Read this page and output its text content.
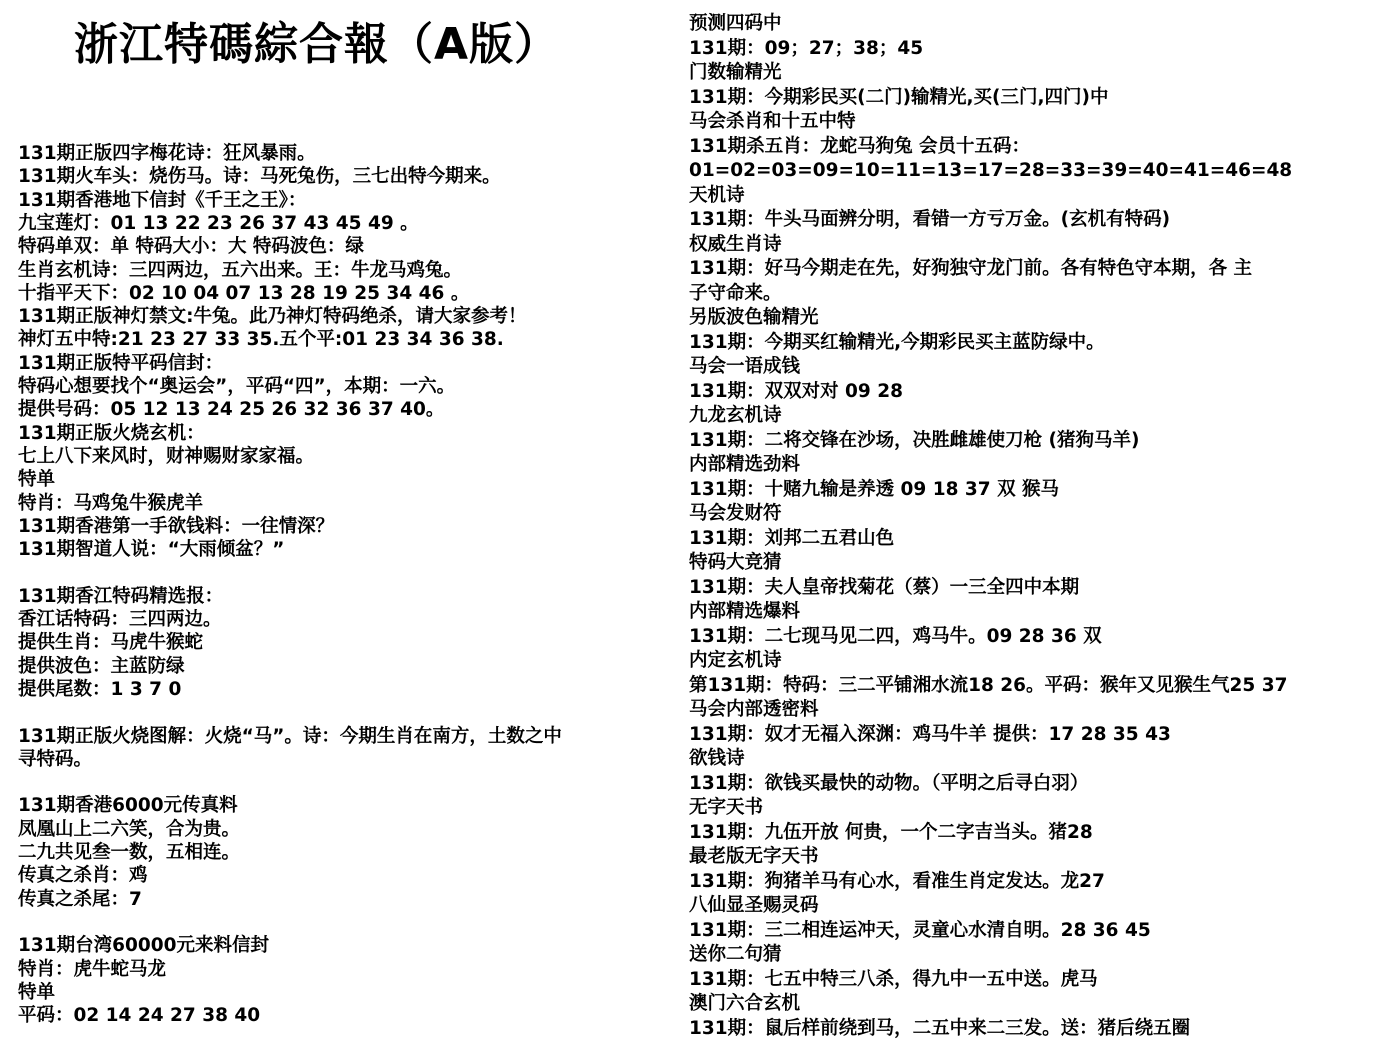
浙江特碼綜合報（A版）
131期正版四字梅花诗：狂风暴雨。
131期火车头：烧伤马。诗：马死兔伤，三七出特今期来。
131期香港地下信封《千王之王》：
九宝莲灯：01 13 22 23 26 37 43 45 49 。
特码单双：单 特码大小：大 特码波色：绿
生肖玄机诗：三四两边，五六出来。王：牛龙马鸡兔。
十指平天下：02 10 04 07 13 28 19 25 34 46 。
131期正版神灯禁文:牛兔。此乃神灯特码绝杀，请大家参考！
神灯五中特:21 23 27 33 35.五个平:01 23 34 36 38.
131期正版特平码信封：
特码心想要找个“奥运会”，平码“四”，本期：一六。
提供号码：05 12 13 24 25 26 32 36 37 40。
131期正版火烧玄机：
七上八下来风时，财神赐财家家福。
特单
特肖：马鸡兔牛猴虎羊
131期香港第一手欲钱料：一往情深？
131期智道人说：“大雨倾盆？”
131期香江特码精选报：
香江话特码：三四两边。
提供生肖：马虎牛猴蛇
提供波色：主蓝防绿
提供尾数：1 3 7 0
131期正版火烧图解：火烧“马”。诗：今期生肖在南方，土数之中
寻特码。
131期香港6000元传真料
凤凰山上二六笑，合为贵。
二九共见叁一数，五相连。
传真之杀肖：鸡
传真之杀尾：7
131期台湾60000元来料信封
特肖：虎牛蛇马龙
特单
平码：02 14 24 27 38 40
预测四码中
131期：09；27；38；45
门数输精光
131期：今期彩民买(二门)输精光,买(三门,四门)中
马会杀肖和十五中特
131期杀五肖：龙蛇马狗兔 会员十五码：
01=02=03=09=10=11=13=17=28=33=39=40=41=46=48
天机诗
131期：牛头马面辨分明，看错一方亏万金。(玄机有特码)
权威生肖诗
131期：好马今期走在先，好狗独守龙门前。各有特色守本期，各 主
子守命来。
另版波色输精光
131期：今期买红输精光,今期彩民买主蓝防绿中。
马会一语成钱
131期：双双对对 09 28
九龙玄机诗
131期：二将交锋在沙场，决胜雌雄使刀枪 (猪狗马羊)
内部精选劲料
131期：十赌九输是养透 09 18 37 双 猴马
马会发财符
131期：刘邦二五君山色
特码大竞猜
131期：夫人皇帝找菊花（蔡）一三全四中本期
内部精选爆料
131期：二七现马见二四，鸡马牛。09 28 36 双
内定玄机诗
第131期：特码：三二平铺湘水流18 26。平码：猴年又见猴生气25 37
马会内部透密料
131期：奴才无福入深渊：鸡马牛羊 提供：17 28 35 43
欲钱诗
131期：欲钱买最快的动物。（平明之后寻白羽）
无字天书
131期：九伍开放 何贵，一个二字吉当头。猪28
最老版无字天书
131期：狗猪羊马有心水，看准生肖定发达。龙27
八仙显圣赐灵码
131期：三二相连运冲天，灵童心水清自明。28 36 45
送你二句猜
131期：七五中特三八杀，得九中一五中送。虎马
澳门六合玄机
131期：鼠后样前绕到马，二五中来二三发。送：猪后绕五圈
